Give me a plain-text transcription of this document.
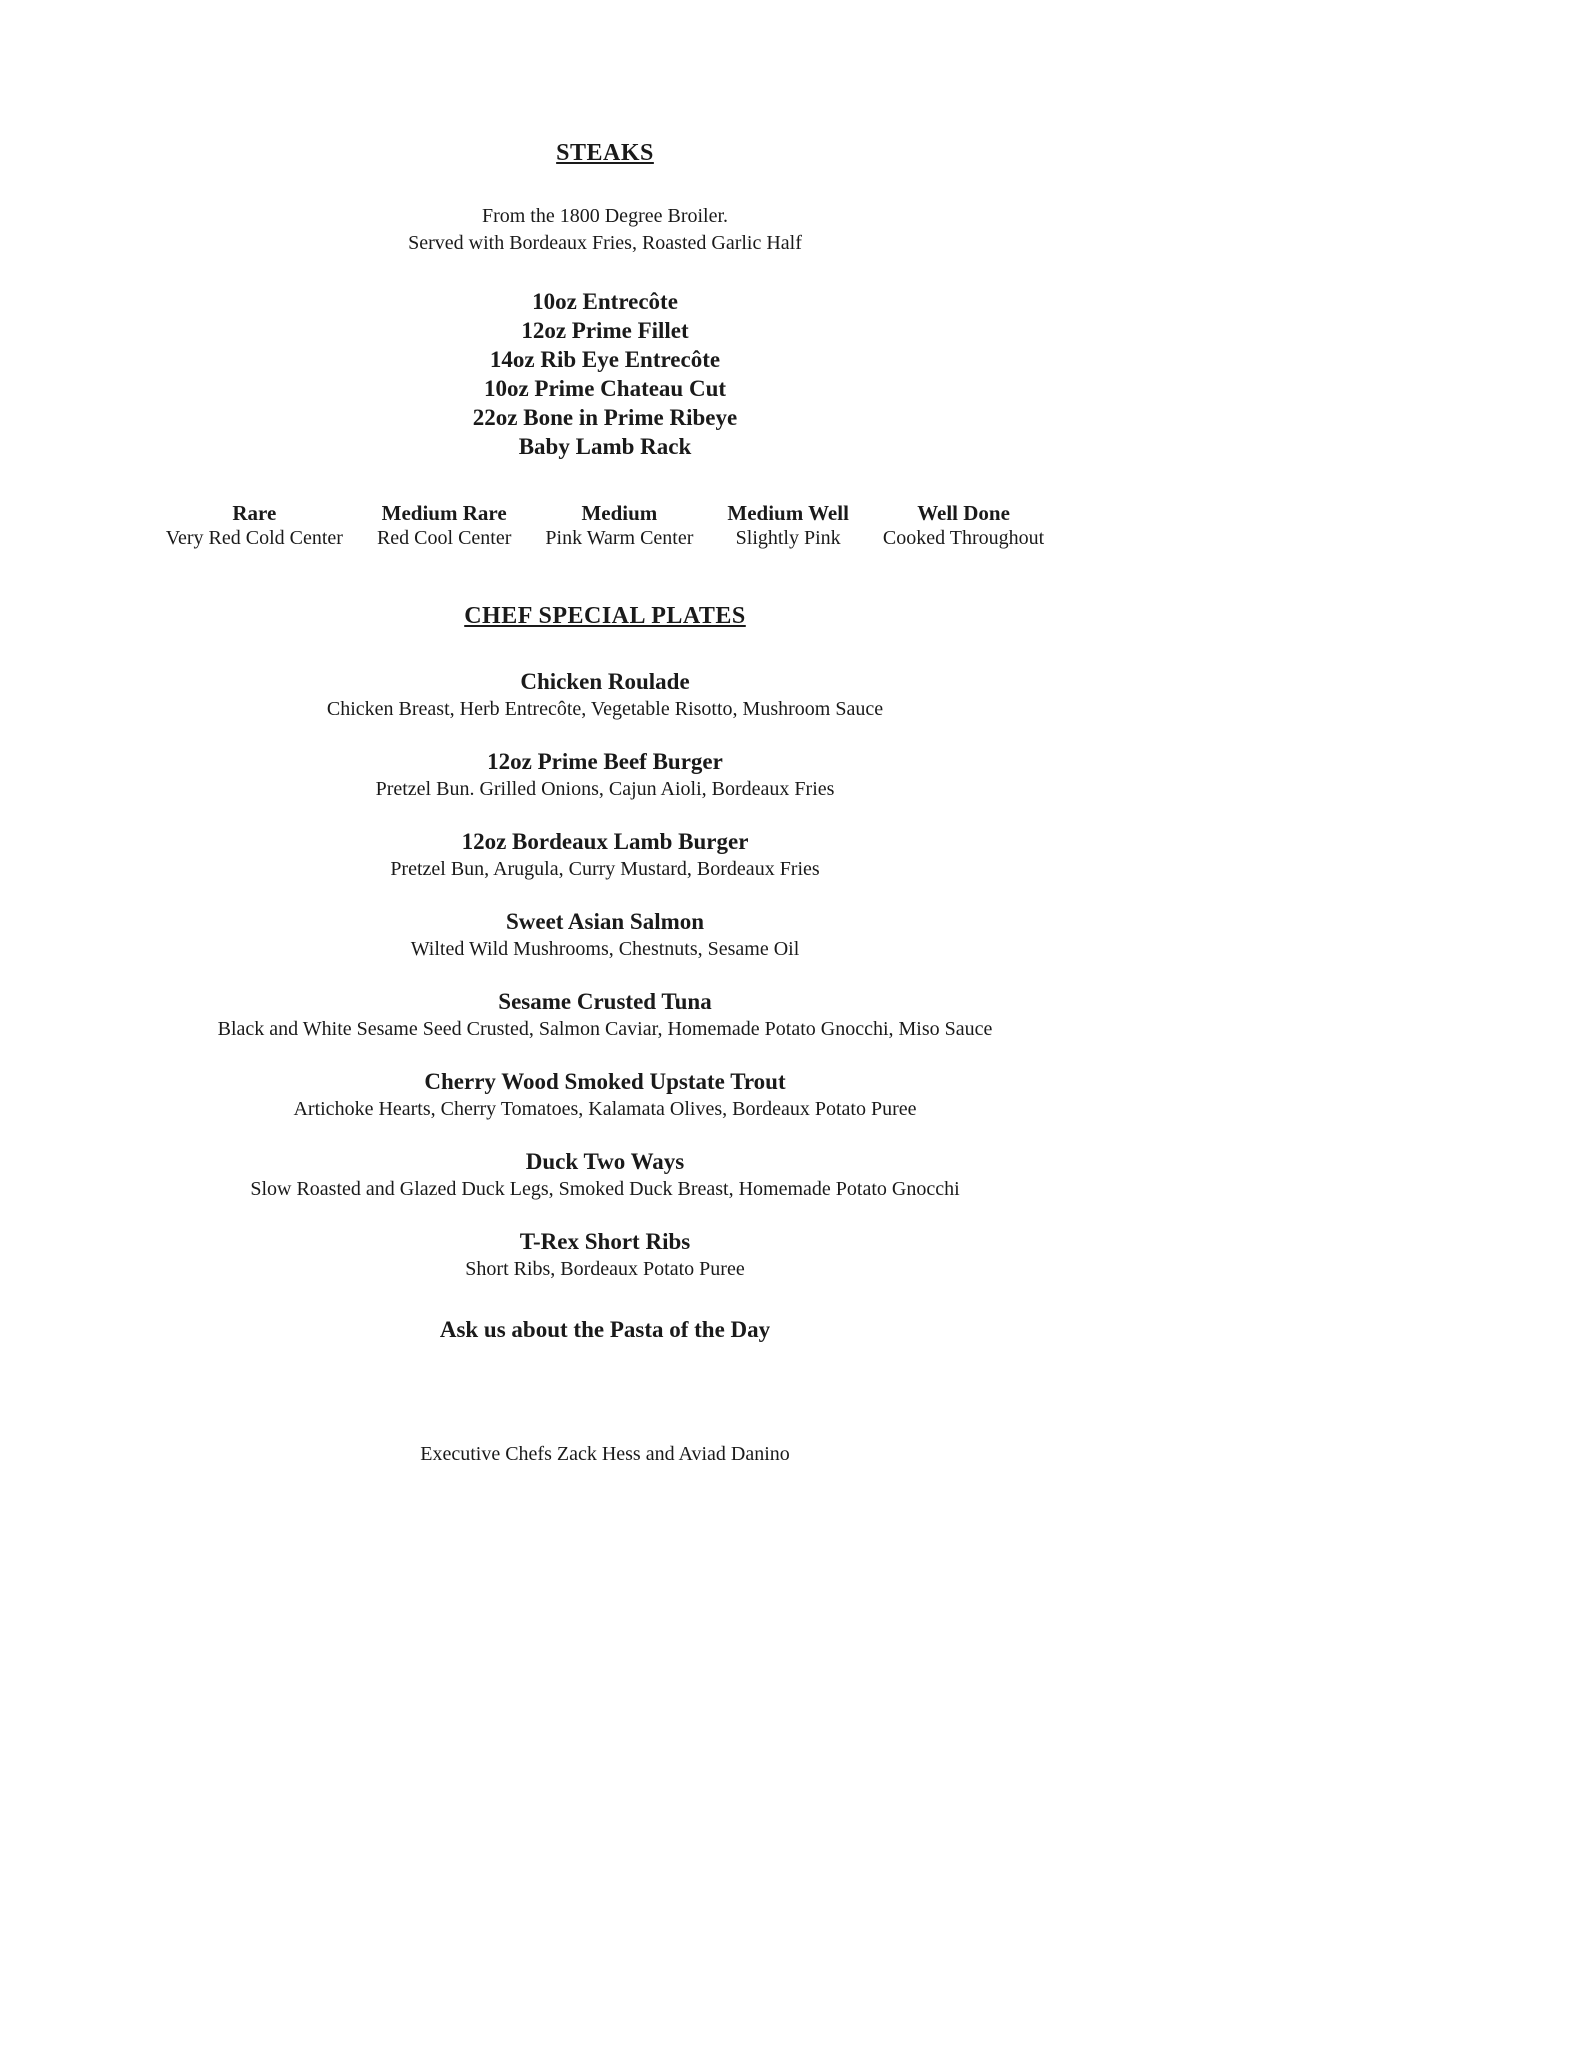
STEAKS
From the 1800 Degree Broiler.
Served with Bordeaux Fries, Roasted Garlic Half
10oz Entrecôte
12oz Prime Fillet
14oz Rib Eye Entrecôte
10oz Prime Chateau Cut
22oz Bone in Prime Ribeye
Baby Lamb Rack
Rare
Very Red Cold Center
Medium Rare
Red Cool Center
Medium
Pink Warm Center
Medium Well
Slightly Pink
Well Done
Cooked Throughout
CHEF SPECIAL PLATES
Chicken Roulade
Chicken Breast, Herb Entrecôte, Vegetable Risotto, Mushroom Sauce
12oz Prime Beef Burger
Pretzel Bun. Grilled Onions, Cajun Aioli, Bordeaux Fries
12oz Bordeaux Lamb Burger
Pretzel Bun, Arugula, Curry Mustard, Bordeaux Fries
Sweet Asian Salmon
Wilted Wild Mushrooms, Chestnuts, Sesame Oil
Sesame Crusted Tuna
Black and White Sesame Seed Crusted, Salmon Caviar, Homemade Potato Gnocchi, Miso Sauce
Cherry Wood Smoked Upstate Trout
Artichoke Hearts, Cherry Tomatoes, Kalamata Olives, Bordeaux Potato Puree
Duck Two Ways
Slow Roasted and Glazed Duck Legs, Smoked Duck Breast, Homemade Potato Gnocchi
T-Rex Short Ribs
Short Ribs, Bordeaux Potato Puree
Ask us about the Pasta of the Day
Executive Chefs Zack Hess and Aviad Danino
